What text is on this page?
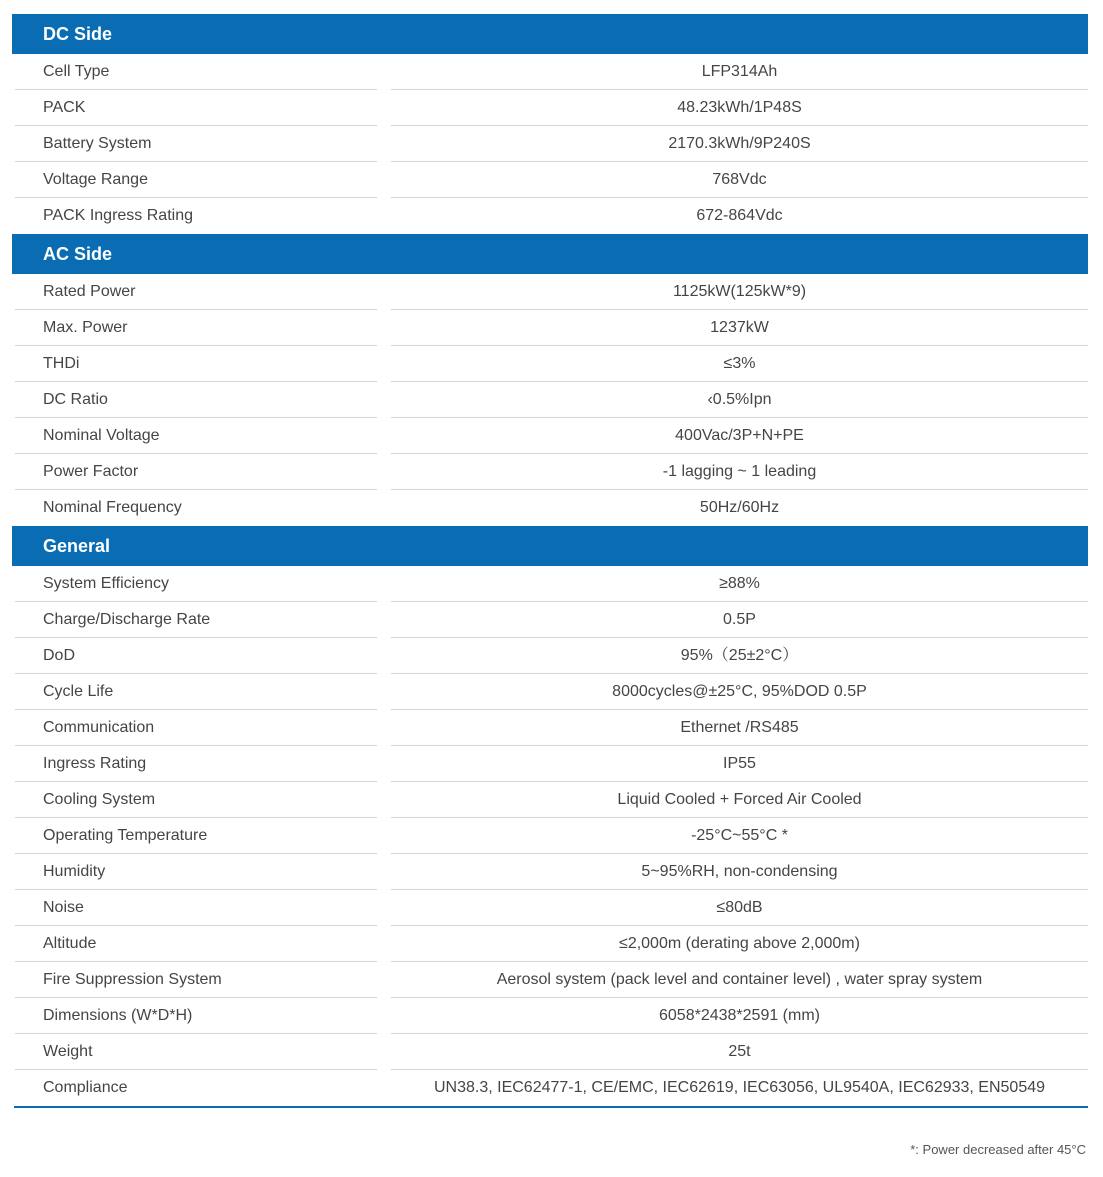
DC Side
Cell Type	LFP314Ah
PACK	48.23kWh/1P48S
Battery System	2170.3kWh/9P240S
Voltage Range	768Vdc
PACK Ingress Rating	672-864Vdc
AC Side
Rated Power	1125kW(125kW*9)
Max. Power	1237kW
THDi	≤3%
DC Ratio	‹0.5%Ipn
Nominal Voltage	400Vac/3P+N+PE
Power Factor	-1 lagging ~ 1 leading
Nominal Frequency	50Hz/60Hz
General
System Efficiency	≥88%
Charge/Discharge Rate	0.5P
DoD	95%（25±2°C）
Cycle Life	8000cycles@±25°C, 95%DOD 0.5P
Communication	Ethernet /RS485
Ingress Rating	IP55
Cooling System	Liquid Cooled + Forced Air Cooled
Operating Temperature	-25°C~55°C *
Humidity	5~95%RH, non-condensing
Noise	≤80dB
Altitude	≤2,000m (derating above 2,000m)
Fire Suppression System	Aerosol system (pack level and container level) , water spray system
Dimensions (W*D*H)	6058*2438*2591 (mm)
Weight	25t
Compliance	UN38.3, IEC62477-1, CE/EMC, IEC62619, IEC63056, UL9540A, IEC62933, EN50549
*: Power decreased after 45°C
